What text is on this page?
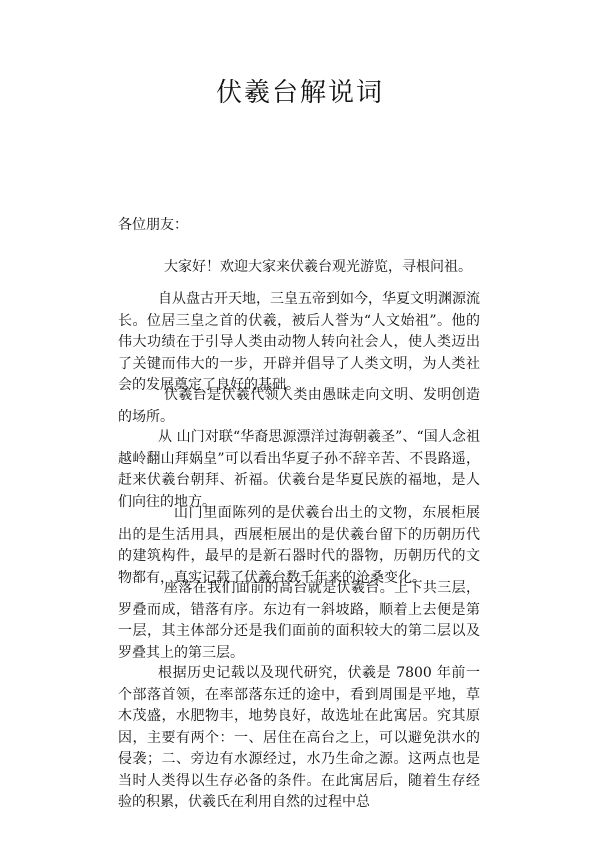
伏羲台解说词

各位朋友：

大家好！欢迎大家来伏羲台观光游览，寻根问祖。

自从盘古开天地，三皇五帝到如今，华夏文明渊源流长。位居三皇之首的伏羲，被后人誉为“人文始祖”。他的伟大功绩在于引导人类由动物人转向社会人，使人类迈出了关键而伟大的一步，开辟并倡导了人类文明，为人类社会的发展奠定了良好的基础。

伏羲台是伏羲代领人类由愚昧走向文明、发明创造的场所。

从 山门对联“华裔思源漂洋过海朝羲圣”、“国人念祖越岭翻山拜娲皇”可以看出华夏子孙不辞辛苦、不畏路遥，赶来伏羲台朝拜、祈福。伏羲台是华夏民族的福地，是人们向往的地方。

山门里面陈列的是伏羲台出土的文物，东展柜展出的是生活用具，西展柜展出的是伏羲台留下的历朝历代的建筑构件，最早的是新石器时代的器物，历朝历代的文物都有，真实记载了伏羲台数千年来的沧桑变化。

座落在我们面前的高台就是伏羲台。上下共三层，罗叠而成，错落有序。东边有一斜坡路，顺着上去便是第一层，其主体部分还是我们面前的面积较大的第二层以及罗叠其上的第三层。

根据历史记载以及现代研究，伏羲是 7800 年前一个部落首领，在率部落东迁的途中，看到周围是平地，草木茂盛，水肥物丰，地势良好，故选址在此寓居。究其原因，主要有两个：一、居住在高台之上，可以避免洪水的侵袭；二、旁边有水源经过，水乃生命之源。这两点也是当时人类得以生存必备的条件。在此寓居后，随着生存经验的积累，伏羲氏在利用自然的过程中总
